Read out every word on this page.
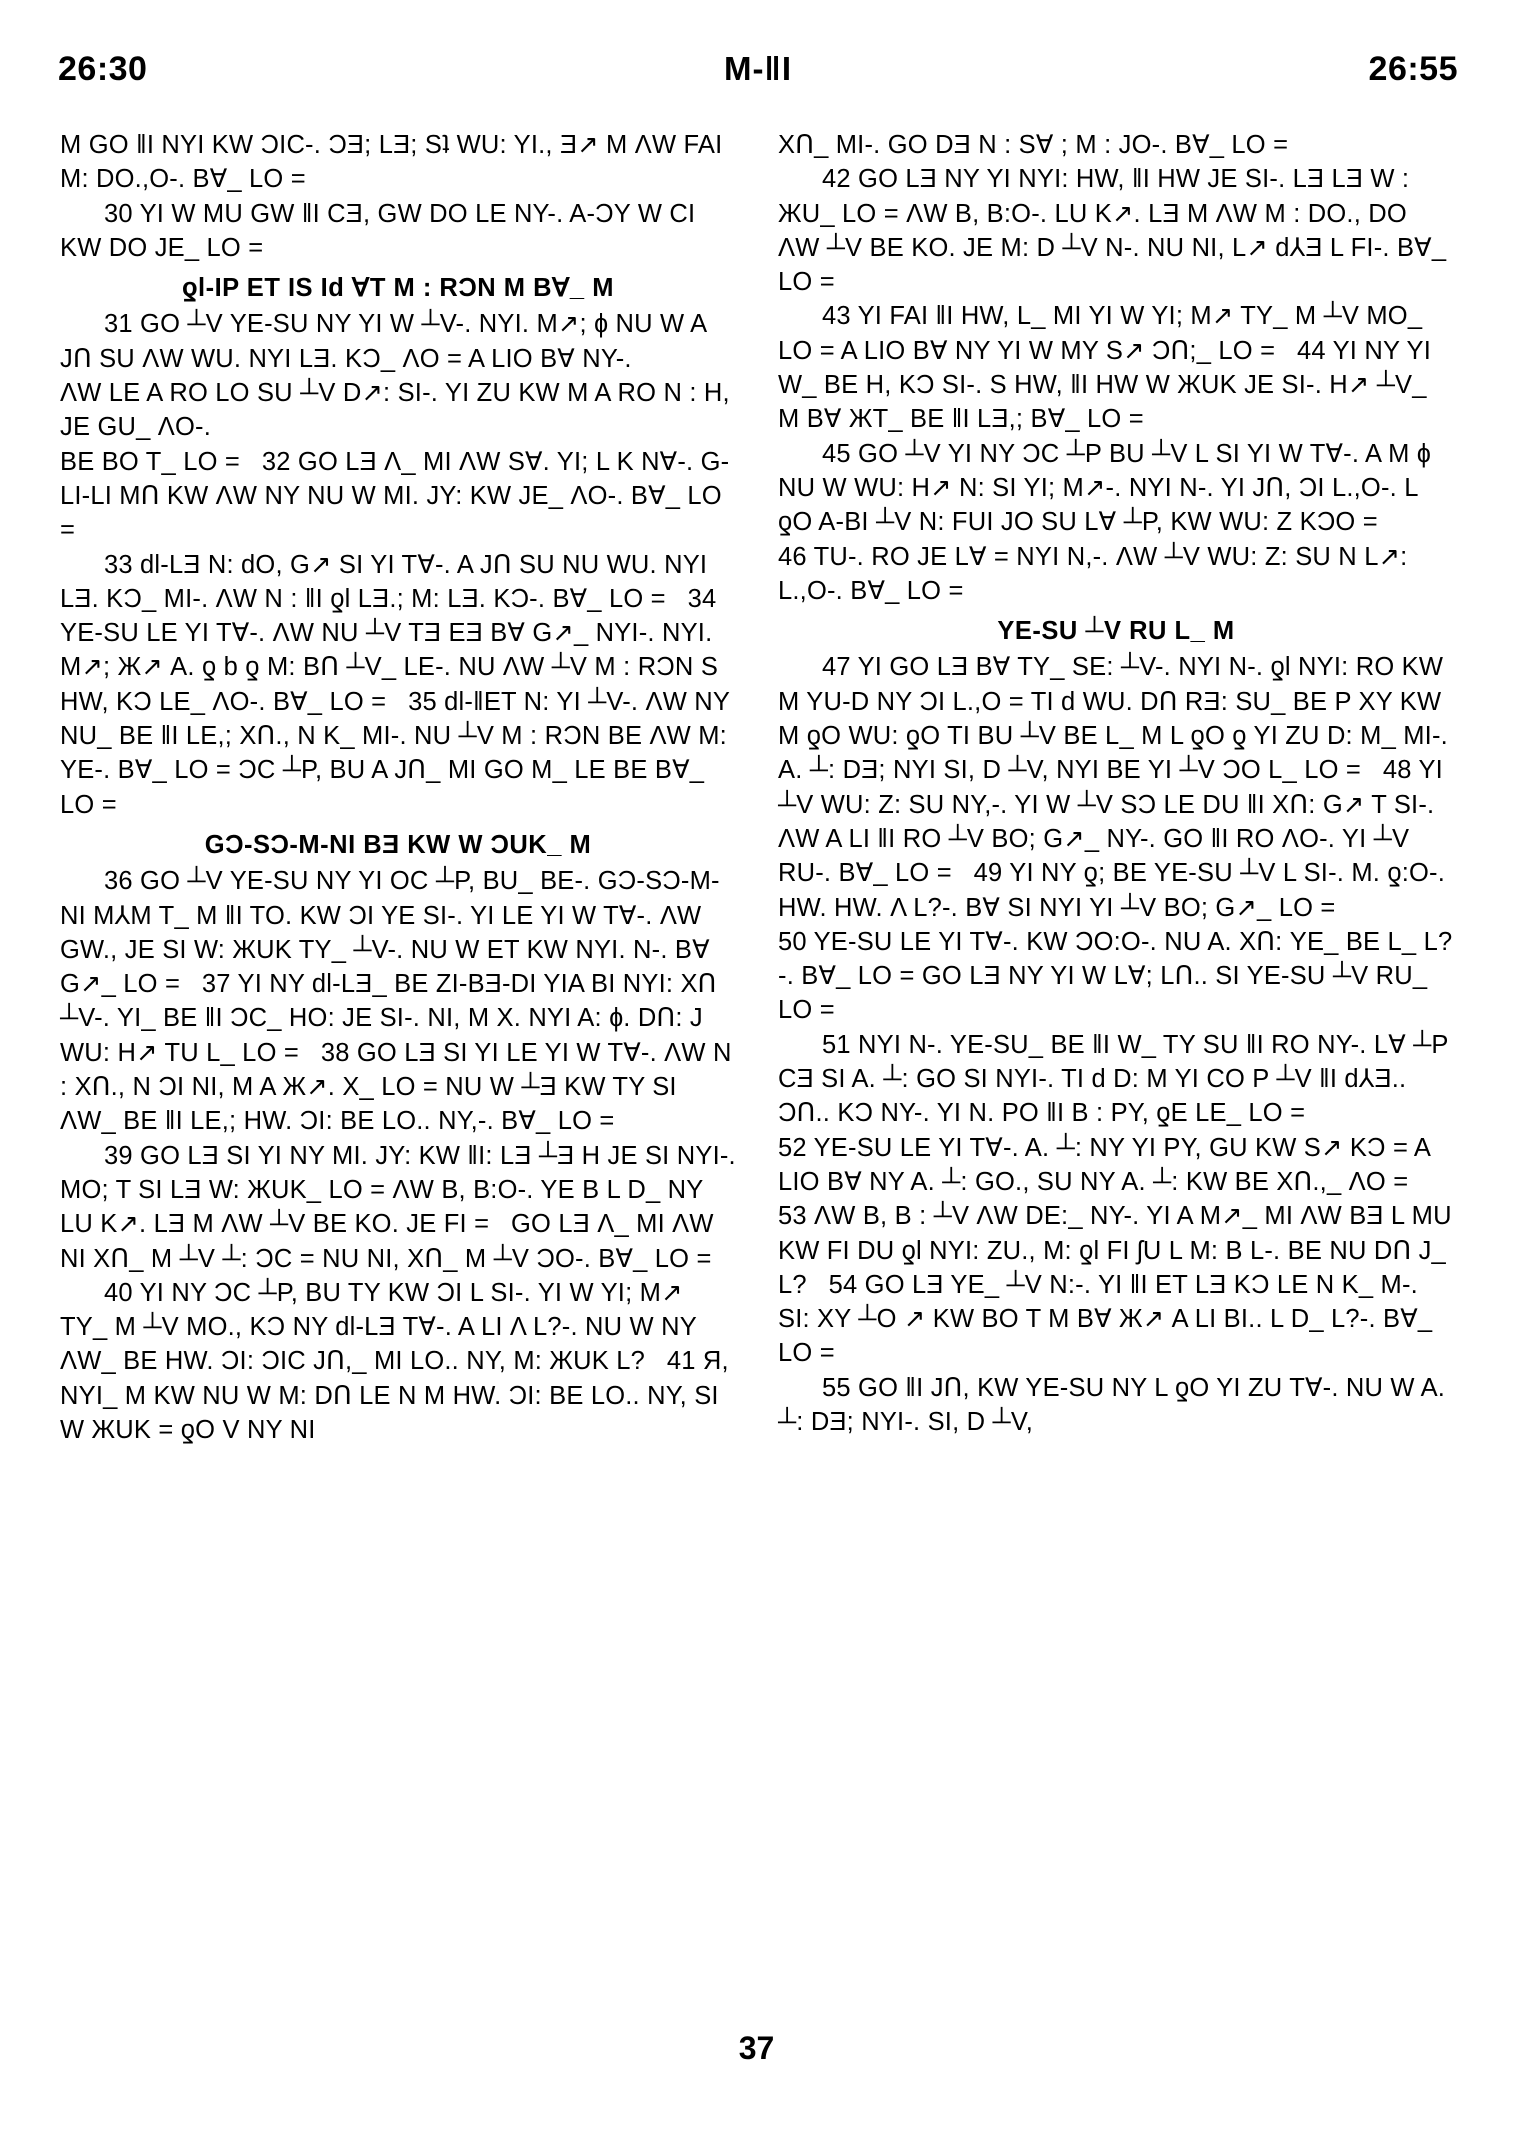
26:30	M-ǁI	26:55
M GO ǁI NYI KW ƆIC-. ƆƎ; LƎ; Sʇ WU: YI., Ǝ↗ M ΛW FAI M: DO.,O-. B∀_ LO =
30 YI W MU GW ǁI CƎ, GW DO LE NY-. A-ƆY W CI KW DO JE_ LO =
ƍl-IP ET ІS Id ∀T M : RƆN M B∀_ M
31 GO ┴V YE-SU NY YI W ┴V-. NYI. M↗; ɸ NU W A JՈ SU ΛW WU. NYI LƎ. KƆ_ ΛO = A LIO B∀ NY-.
ΛW LE A RO LO SU ┴V D↗: SI-. YI ZU KW M A RO N : H, JE GU_ ΛO-.
BE BO T_ LO =   32 GO LƎ Λ_ MI ΛW S∀. YI; L K N∀-. G-LI-LI MՈ KW ΛW NY NU W MI. JY: KW JE_ ΛO-. B∀_ LO =
33 dl-LƎ N: dO, G↗ SI YI T∀-. A JՈ SU NU WU. NYI LƎ. KƆ_ MI-. ΛW N : ǁI ƍl LƎ.; M: LƎ. KƆ-. B∀_ LO =   34 YE-SU LE YI T∀-. ΛW NU ┴V TƎ EƎ B∀ G↗_ NYI-. NYI. M↗; Ж↗ A. ƍ b ƍ M: BՈ ┴V_ LE-. NU ΛW ┴V M : RƆN S HW, KƆ LE_ ΛO-. B∀_ LO =   35 dl-ǁET N: YI ┴V-. ΛW NY NU_ BE ǁI LE,; XՈ., N K_ MI-. NU ┴V M : RƆN BE ΛW M: YE-. B∀_ LO = ƆC ┴P, BU A JՈ_ MI GO M_ LE BE B∀_ LO =
GƆ-SƆ-M-NI BƎ KW W ƆUK_ M
36 GO ┴V YE-SU NY YI OC ┴P, BU_ BE-. GƆ-SƆ-M-NI M⅄M T_ M ǁI TO. KW ƆI YE SI-. YI LE YI W T∀-. ΛW GW., JE SI W: ЖUK TY_ ┴V-. NU W ET KW NYI. N-. B∀ G↗_ LO =   37 YI NY dl-LƎ_ BE ZI-BƎ-DI YIA BI NYI: XՈ ┴V-. YI_ BE ǁI ƆC_ HO: JE SI-. NI, M X. NYI A: ɸ. DՈ: J WU: H↗ TU L_ LO =   38 GO LƎ SI YI LE YI W T∀-. ΛW N : XՈ., N ƆI NI, M A Ж↗. X_ LO = NU W ┴Ǝ KW TY SI ΛW_ BE ǁI LE,; HW. ƆI: BE LO.. NY,-. B∀_ LO =
39 GO LƎ SI YI NY MI. JY: KW ǁI: LƎ ┴Ǝ H JE SI NYI-. MO; T SI LƎ W: ЖUK_ LO = ΛW B, B:O-. YE B L D_ NY LU K↗. LƎ M ΛW ┴V BE KO. JE FI =   GO LƎ Λ_ MI ΛW NI XՈ_ M ┴V ┴: ƆC = NU NI, XՈ_ M ┴V ƆO-. B∀_ LO =
40 YI NY ƆC ┴P, BU TY KW ƆI L SI-. YI W YI; M↗ TY_ M ┴V MO., KƆ NY dl-LƎ T∀-. A LI Λ L?-. NU W NY ΛW_ BE HW. ƆI: ƆIC JՈ,_ MI LO.. NY, M: ЖUK L?   41 Я, NYI_ M KW NU W M: DՈ LE N M HW. ƆI: BE LO.. NY, SI W ЖUK = ƍO V NY NI
XՈ_ MI-. GO DƎ N : S∀ ; M : JO-. B∀_ LO =
42 GO LƎ NY YI NYI: HW, ǁI HW JE SI-. LƎ LƎ W : ЖU_ LO = ΛW B, B:O-. LU K↗. LƎ M ΛW M : DO., DO ΛW ┴V BE KO. JE M: D ┴V N-. NU NI, L↗ d⅄Ǝ L FI-. B∀_ LO =
43 YI FAI ǁI HW, L_ MI YI W YI; M↗ TY_ M ┴V MO_ LO = A LIO B∀ NY YI W MY S↗ ƆՈ;_ LO =   44 YI NY YI W_ BE H, KƆ SI-. S HW, ǁI HW W ЖUΚ JE SI-. H↗ ┴V_ M B∀ ЖT_ BE ǁI LƎ,; B∀_ LO =
45 GO ┴V YI NY ƆC ┴P BU ┴V L SI YI W T∀-. A M ɸ NU W WU: H↗ N: SI YI; M↗-. NYI N-. YI JՈ, ƆI L.,O-. L ƍO A-BI ┴V N: FUI JO SU L∀ ┴P, KW WU: Z KƆO =
46 TU-. RO JE L∀ = NYI N,-. ΛW ┴V WU: Z: SU N L↗: L.,O-. B∀_ LO =
YE-SU ┴V RU L_ M
47 YI GO LƎ B∀ TY_ SE: ┴V-. NYI N-. ƍl NYI: RO KW M YU-D NY ƆI L.,O = TI d WU. DՈ RƎ: SU_ BE P XY KW M ƍO WU: ƍO TI BU ┴V BE L_ M L ƍO ƍ YI ZU D: M_ MI-. A. ┴: DƎ; NYI SI, D ┴V, NYI BE YI ┴V ƆO L_ LO =   48 YI ┴V WU: Z: SU NY,-. YI W ┴V SƆ LE DU ǁI XՈ: G↗ T SI-. ΛW A LI ǁI RO ┴V BO; G↗_ NY-. GO ǁI RO ΛO-. YI ┴V RU-. B∀_ LO =   49 YI NY ƍ; BE YE-SU ┴V L SI-. M. ƍ:O-. HW. HW. Λ L?-. B∀ SI NYI YI ┴V BO; G↗_ LO =
50 YE-SU LE YI T∀-. KW ƆO:O-. NU A. XՈ: YE_ BE L_ L?-. B∀_ LO = GO LƎ NY YI W L∀; LՈ.. SI YE-SU ┴V RU_ LO =
51 NYI N-. YE-SU_ BE ǁI W_ TY SU ǁI RO NY-. L∀ ┴P CƎ SI A. ┴: GO SI NYI-. TI d D: M YI CO P ┴V ǁI d⅄Ǝ.. ƆՈ.. KƆ NY-. YI N. PO ǁI B : PY, ƍE LE_ LO =
52 YE-SU LE YI T∀-. A. ┴: NY YI PY, GU KW S↗ KƆ = A LIO B∀ NY A. ┴: GO., SU NY A. ┴: KW BE XՈ.,_ ΛO =   53 ΛW B, B : ┴V ΛW DE:_ NY-. YI A M↗_ MI ΛW BƎ L MU KW FI DU ƍl NYI: ZU., M: ƍl FI ʃU L M: B L-. BE NU DՈ J_ L?   54 GO LƎ YE_ ┴V N:-. YI ǁI ET LƎ KƆ LE N K_ M-. SI: XY ┴O ↗ KW BO T M B∀ Ж↗ A LI BI.. L D_ L?-. B∀_ LO =
55 GO ǁI JՈ, KW YE-SU NY L ƍO YI ZU T∀-. NU W A. ┴: DƎ; NYI-. SI, D ┴V,
37
